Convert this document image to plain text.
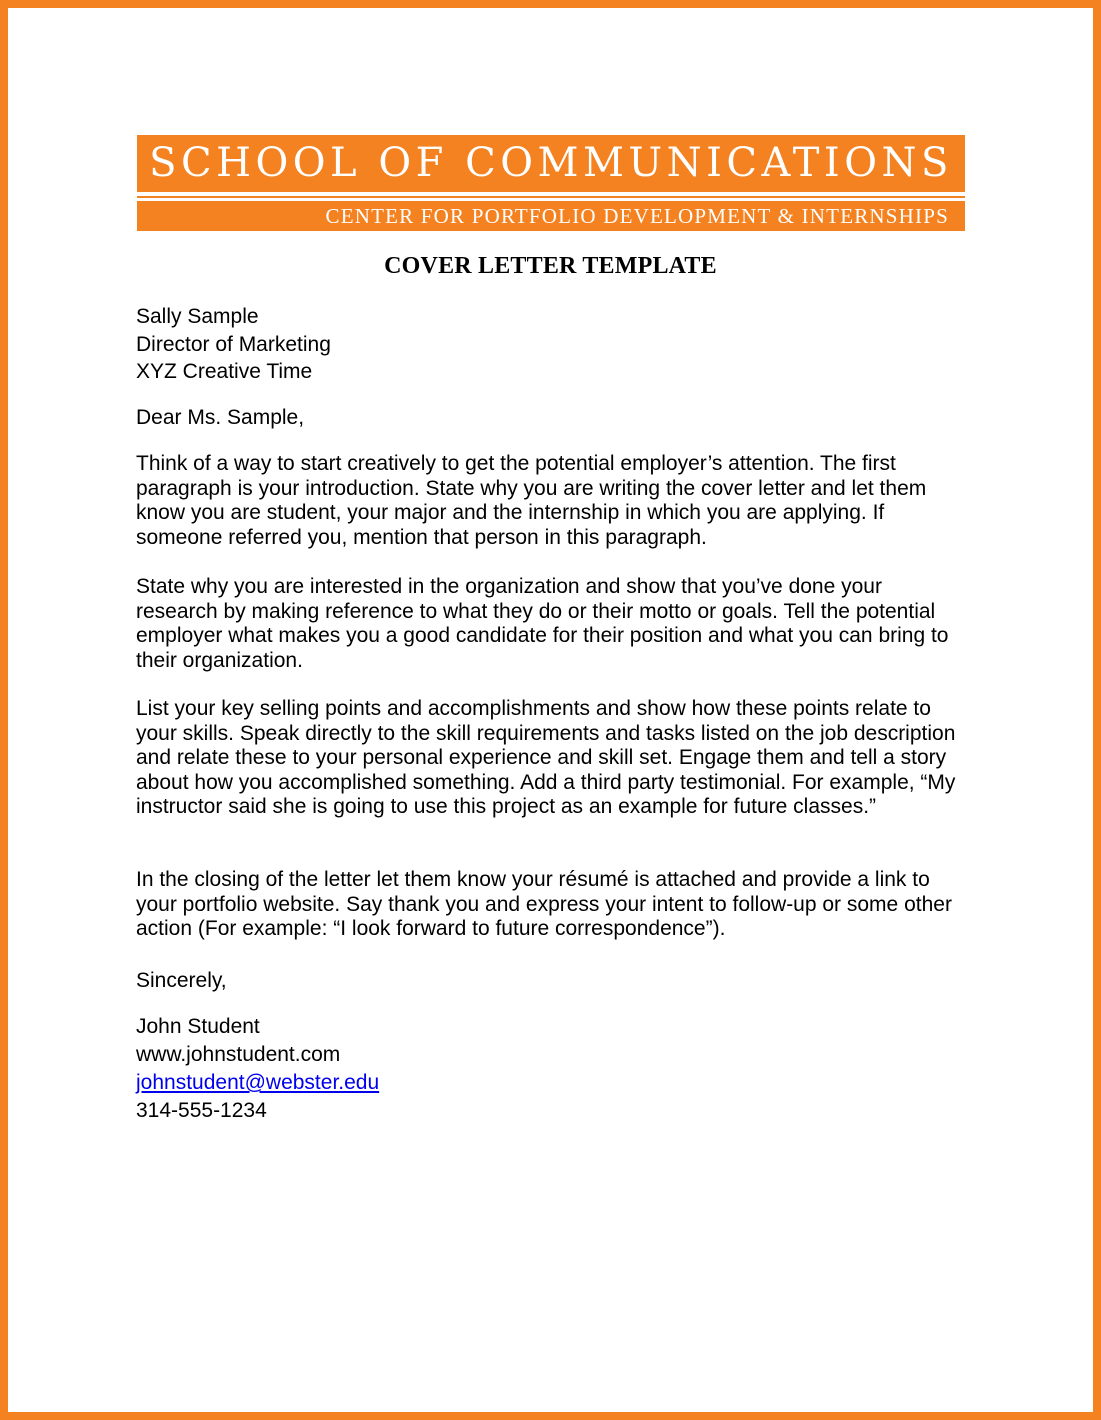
SCHOOL OF COMMUNICATIONS
CENTER FOR PORTFOLIO DEVELOPMENT & INTERNSHIPS
COVER LETTER TEMPLATE
Sally Sample
Director of Marketing
XYZ Creative Time
Dear Ms. Sample,
Think of a way to start creatively to get the potential employer’s attention. The first paragraph is your introduction. State why you are writing the cover letter and let them know you are student, your major and the internship in which you are applying. If someone referred you, mention that person in this paragraph.
State why you are interested in the organization and show that you’ve done your research by making reference to what they do or their motto or goals. Tell the potential employer what makes you a good candidate for their position and what you can bring to their organization.
List your key selling points and accomplishments and show how these points relate to your skills. Speak directly to the skill requirements and tasks listed on the job description and relate these to your personal experience and skill set. Engage them and tell a story about how you accomplished something. Add a third party testimonial. For example, “My instructor said she is going to use this project as an example for future classes.”
In the closing of the letter let them know your résumé is attached and provide a link to your portfolio website. Say thank you and express your intent to follow-up or some other action (For example: “I look forward to future correspondence”).
Sincerely,
John Student
www.johnstudent.com
johnstudent@webster.edu
314-555-1234
